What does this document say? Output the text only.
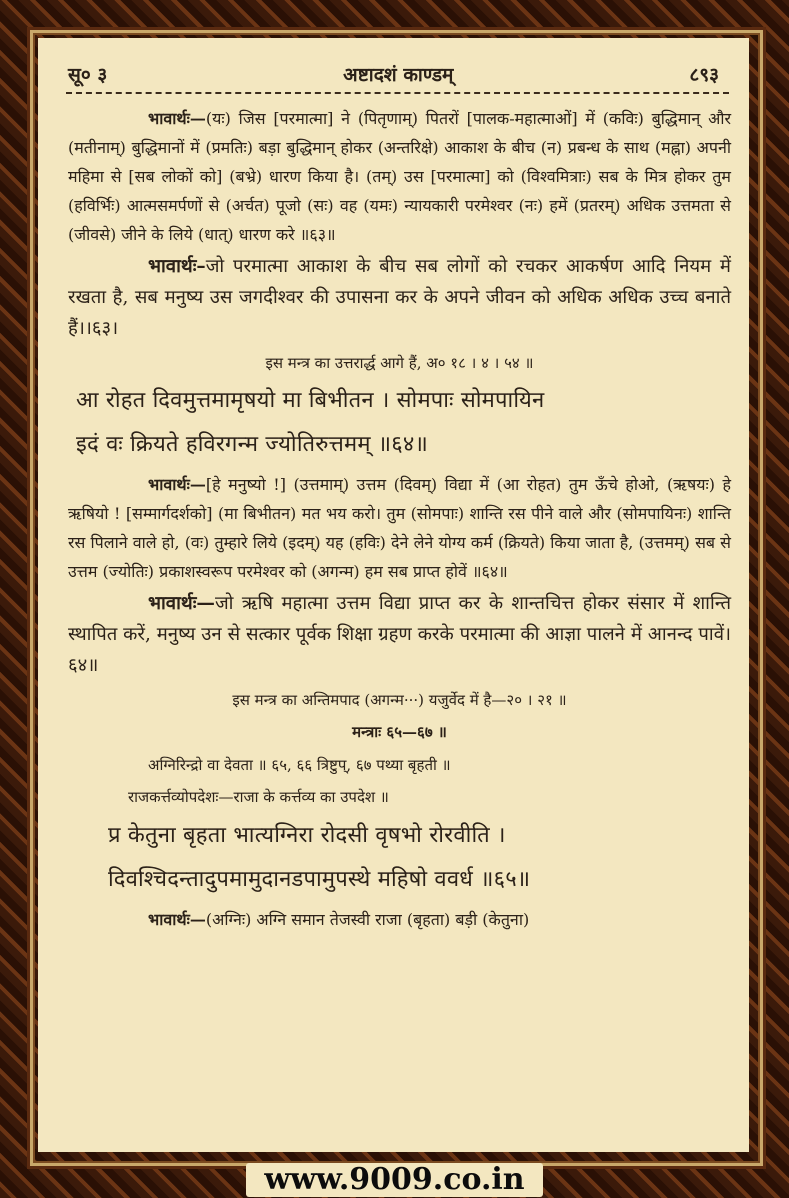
सू० ३	अष्टादशं काण्डम्	८९३

भावार्थः—(यः) जिस [परमात्मा] ने (पितृणाम्) पितरों [पालक-महात्माओं] में (कविः) बुद्धिमान् और (मतीनाम्) बुद्धिमानों में (प्रमतिः) बड़ा बुद्धिमान् होकर (अन्तरिक्षे) आकाश के बीच (न) प्रबन्ध के साथ (मह्ना) अपनी महिमा से [सब लोकों को] (बभ्रे) धारण किया है। (तम्) उस [परमात्मा] को (विश्वमित्राः) सब के मित्र होकर तुम (हविर्भिः) आत्मसमर्पणों से (अर्चत) पूजो (सः) वह (यमः) न्यायकारी परमेश्वर (नः) हमें (प्रतरम्) अधिक उत्तमता से (जीवसे) जीने के लिये (धात्) धारण करे ॥६३॥

भावार्थः–जो परमात्मा आकाश के बीच सब लोगों को रचकर आकर्षण आदि नियम में रखता है, सब मनुष्य उस जगदीश्वर की उपासना कर के अपने जीवन को अधिक अधिक उच्च बनाते हैं।।६३।

इस मन्त्र का उत्तरार्द्ध आगे हैं, अ० १८ । ४ । ५४ ॥

आ रोहत दिवमुत्तमामृषयो मा बिभीतन । सोमपाः सोमपायिन

इदं वः क्रियते हविरगन्म ज्योतिरुत्तमम् ॥६४॥

भावार्थः—[हे मनुष्यो !] (उत्तमाम्) उत्तम (दिवम्) विद्या में (आ रोहत) तुम ऊँचे होओ, (ऋषयः) हे ऋषियो ! [सम्मार्गदर्शको] (मा बिभीतन) मत भय करो। तुम (सोमपाः) शान्ति रस पीने वाले और (सोमपायिनः) शान्ति रस पिलाने वाले हो, (वः) तुम्हारे लिये (इदम्) यह (हविः) देने लेने योग्य कर्म (क्रियते) किया जाता है, (उत्तमम्) सब से उत्तम (ज्योतिः) प्रकाशस्वरूप परमेश्वर को (अगन्म) हम सब प्राप्त होवें ॥६४॥

भावार्थः—जो ऋषि महात्मा उत्तम विद्या प्राप्त कर के शान्तचित्त होकर संसार में शान्ति स्थापित करें, मनुष्य उन से सत्कार पूर्वक शिक्षा ग्रहण करके परमात्मा की आज्ञा पालने में आनन्द पावें।६४॥

इस मन्त्र का अन्तिमपाद (अगन्म···) यजुर्वेद में है—२० । २१ ॥

मन्त्राः ६५—६७ ॥

अग्निरिन्द्रो वा देवता ॥ ६५, ६६ त्रिष्टुप्, ६७ पथ्या बृहती ॥

राजकर्त्तव्योपदेशः—राजा के कर्त्तव्य का उपदेश ॥

प्र केतुना बृहता भात्यग्निरा रोदसी वृषभो रोरवीति ।

दिवश्चिदन्तादुपमामुदानडपामुपस्थे महिषो ववर्ध ॥६५॥

भावार्थः—(अग्निः) अग्नि समान तेजस्वी राजा (बृहता) बड़ी (केतुना)

www.9009.co.in
